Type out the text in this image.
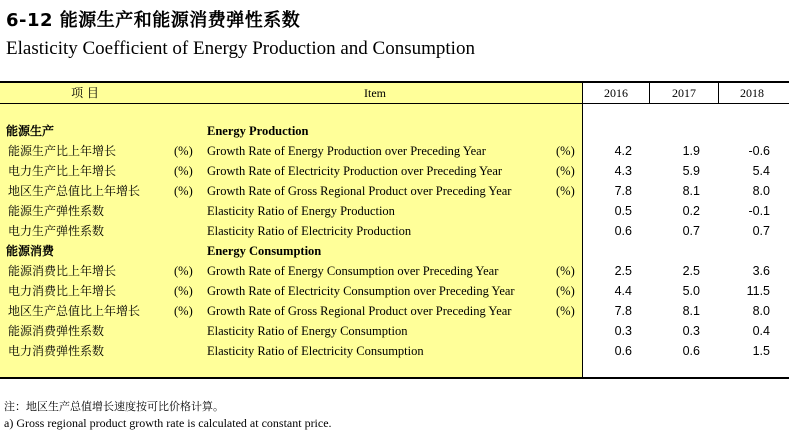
6-12 能源生产和能源消费弹性系数
Elasticity Coefficient of Energy Production and Consumption
项 目	Item	2016	2017	2018
能源生产	Energy Production
能源生产比上年增长	(%)	Growth Rate of Energy Production over Preceding Year	(%)	4.2	1.9	-0.6
电力生产比上年增长	(%)	Growth Rate of Electricity Production over Preceding Year	(%)	4.3	5.9	5.4
地区生产总值比上年增长	(%)	Growth Rate of Gross Regional Product over Preceding Year	(%)	7.8	8.1	8.0
能源生产弹性系数	Elasticity Ratio of Energy Production	0.5	0.2	-0.1
电力生产弹性系数	Elasticity Ratio of Electricity Production	0.6	0.7	0.7
能源消费	Energy Consumption
能源消费比上年增长	(%)	Growth Rate of Energy Consumption over Preceding Year	(%)	2.5	2.5	3.6
电力消费比上年增长	(%)	Growth Rate of Electricity Consumption over Preceding Year	(%)	4.4	5.0	11.5
地区生产总值比上年增长	(%)	Growth Rate of Gross Regional Product over Preceding Year	(%)	7.8	8.1	8.0
能源消费弹性系数	Elasticity Ratio of Energy Consumption	0.3	0.3	0.4
电力消费弹性系数	Elasticity Ratio of Electricity Consumption	0.6	0.6	1.5
注：地区生产总值增长速度按可比价格计算。
a) Gross regional product growth rate is calculated at constant price.
